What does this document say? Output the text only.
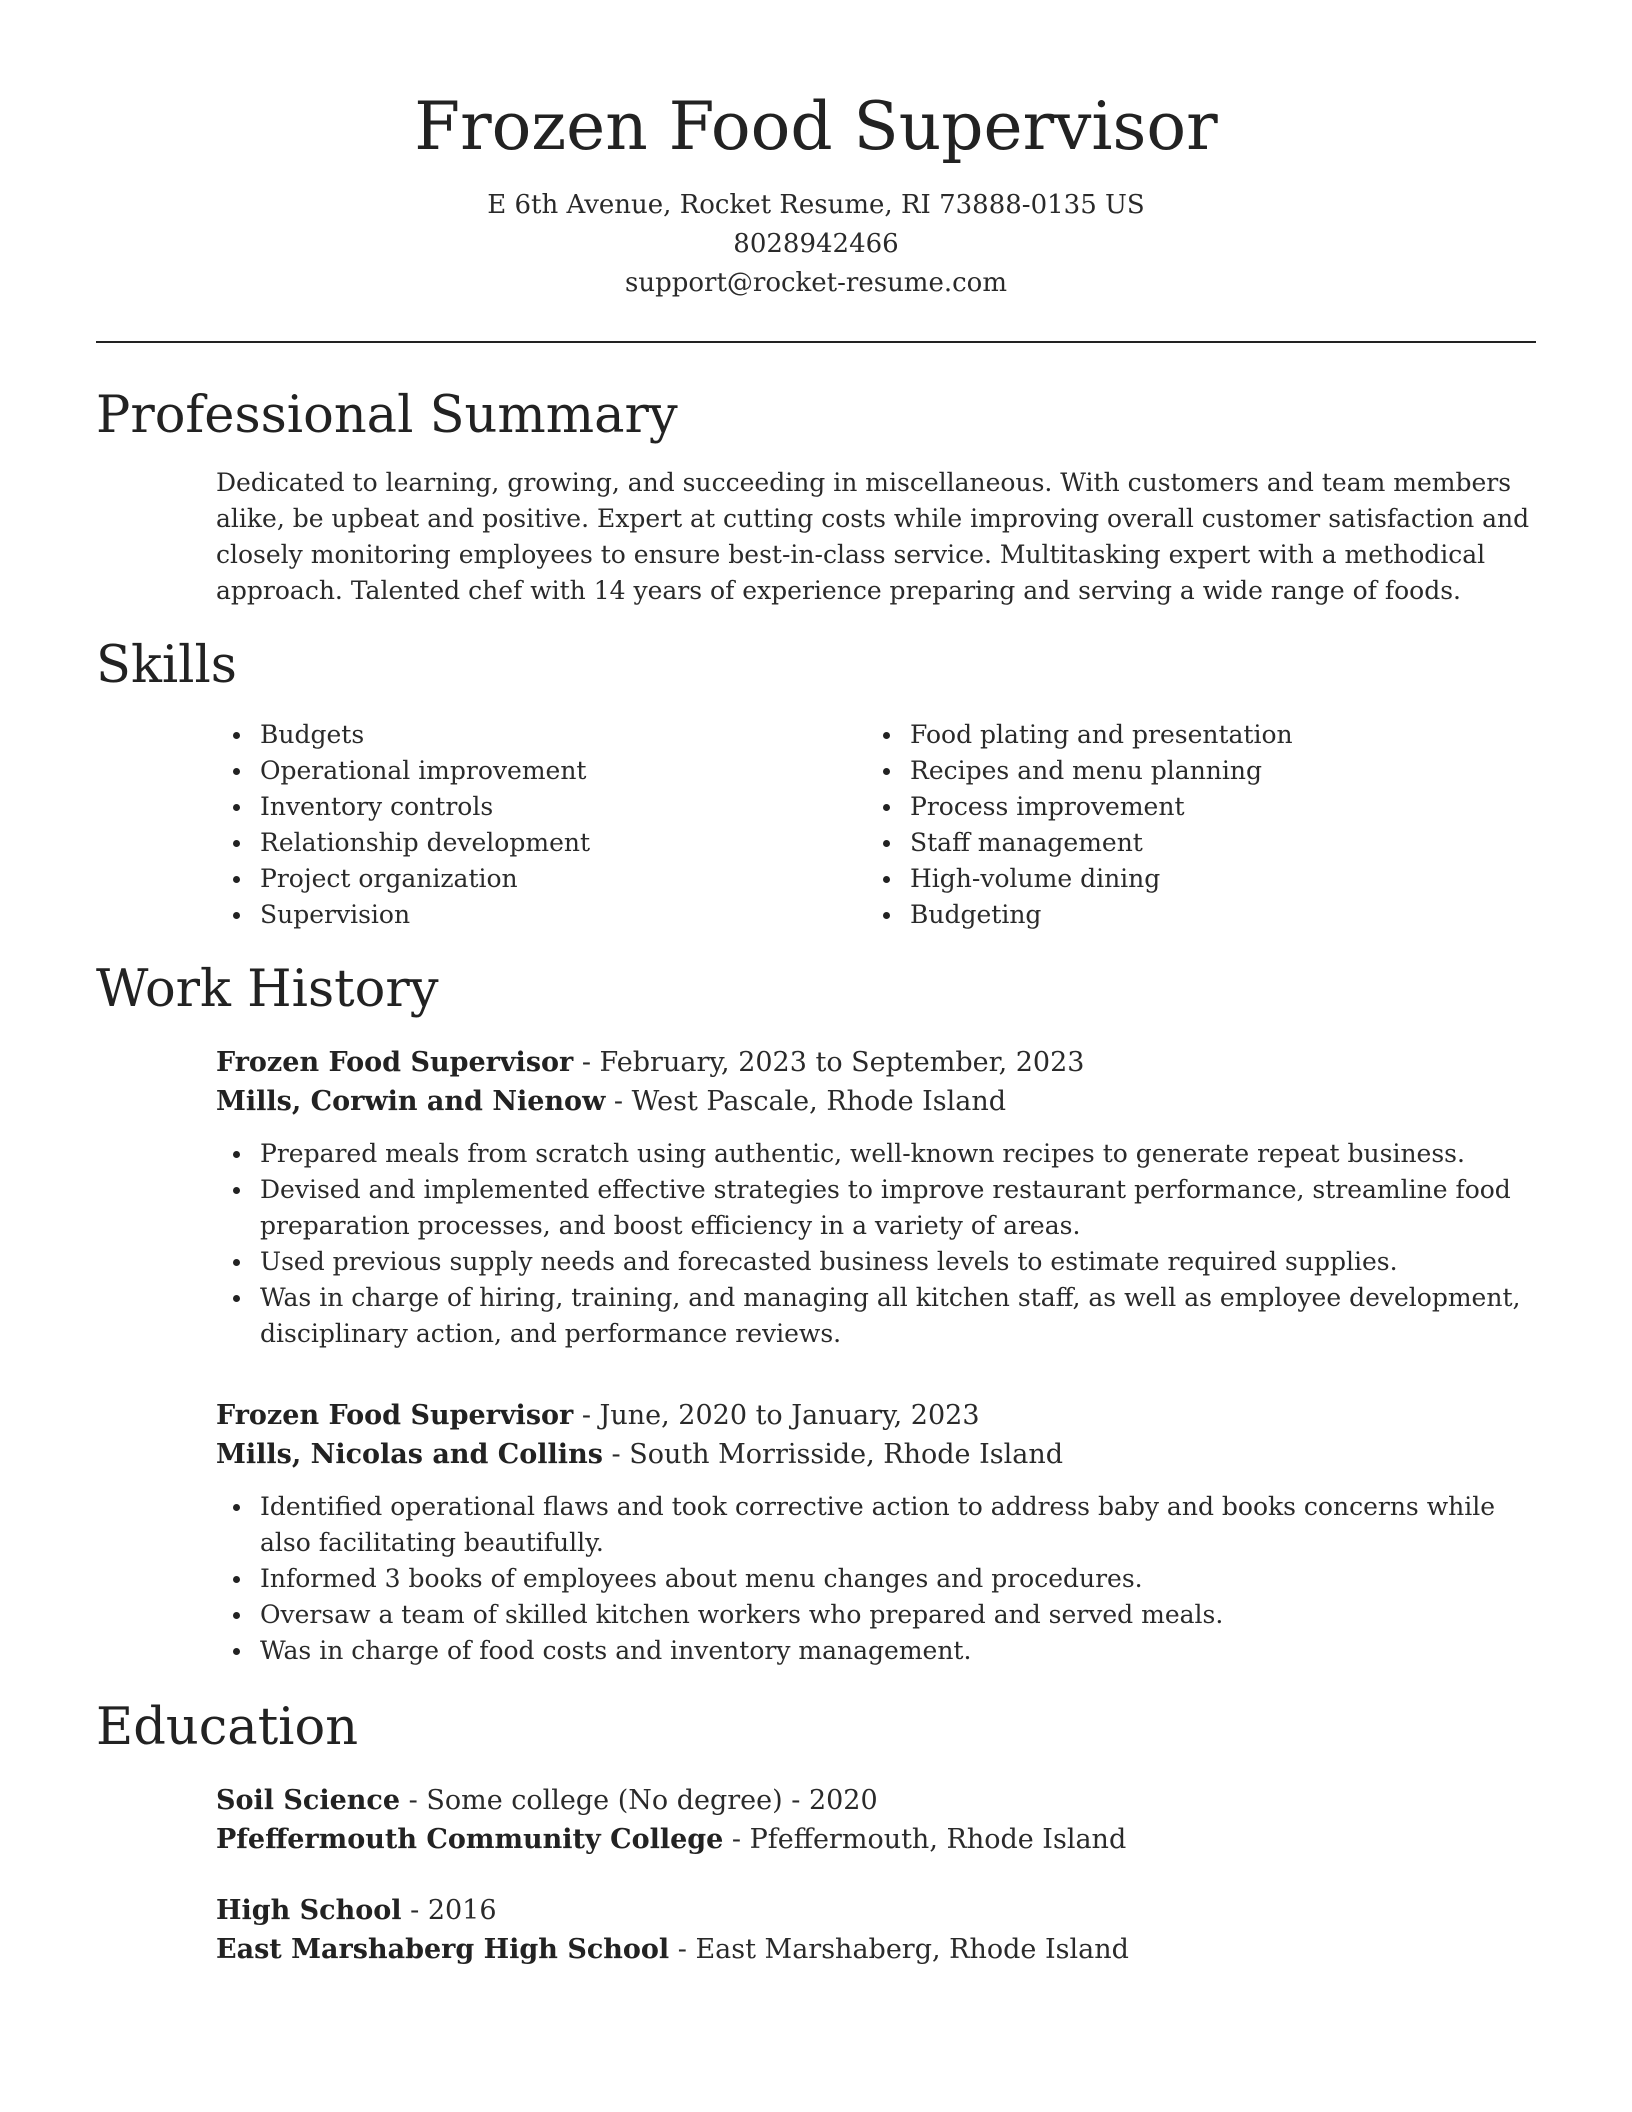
Frozen Food Supervisor
E 6th Avenue, Rocket Resume, RI 73888-0135 US
8028942466
support@rocket-resume.com
Professional Summary

Dedicated to learning, growing, and succeeding in miscellaneous. With customers and team members alike, be upbeat and positive. Expert at cutting costs while improving overall customer satisfaction and closely monitoring employees to ensure best-in-class service. Multitasking expert with a methodical approach. Talented chef with 14 years of experience preparing and serving a wide range of foods.

Skills
Budgets
Operational improvement
Inventory controls
Relationship development
Project organization
Supervision
Food plating and presentation
Recipes and menu planning
Process improvement
Staff management
High-volume dining
Budgeting
Work History
Frozen Food Supervisor - February, 2023 to September, 2023
Mills, Corwin and Nienow - West Pascale, Rhode Island
Prepared meals from scratch using authentic, well-known recipes to generate repeat business.
Devised and implemented effective strategies to improve restaurant performance, streamline food preparation processes, and boost efficiency in a variety of areas.
Used previous supply needs and forecasted business levels to estimate required supplies.
Was in charge of hiring, training, and managing all kitchen staff, as well as employee development, disciplinary action, and performance reviews.
Frozen Food Supervisor - June, 2020 to January, 2023
Mills, Nicolas and Collins - South Morrisside, Rhode Island
Identified operational flaws and took corrective action to address baby and books concerns while also facilitating beautifully.
Informed 3 books of employees about menu changes and procedures.
Oversaw a team of skilled kitchen workers who prepared and served meals.
Was in charge of food costs and inventory management.
Education
Soil Science - Some college (No degree) - 2020
Pfeffermouth Community College - Pfeffermouth, Rhode Island
High School - 2016
East Marshaberg High School - East Marshaberg, Rhode Island
